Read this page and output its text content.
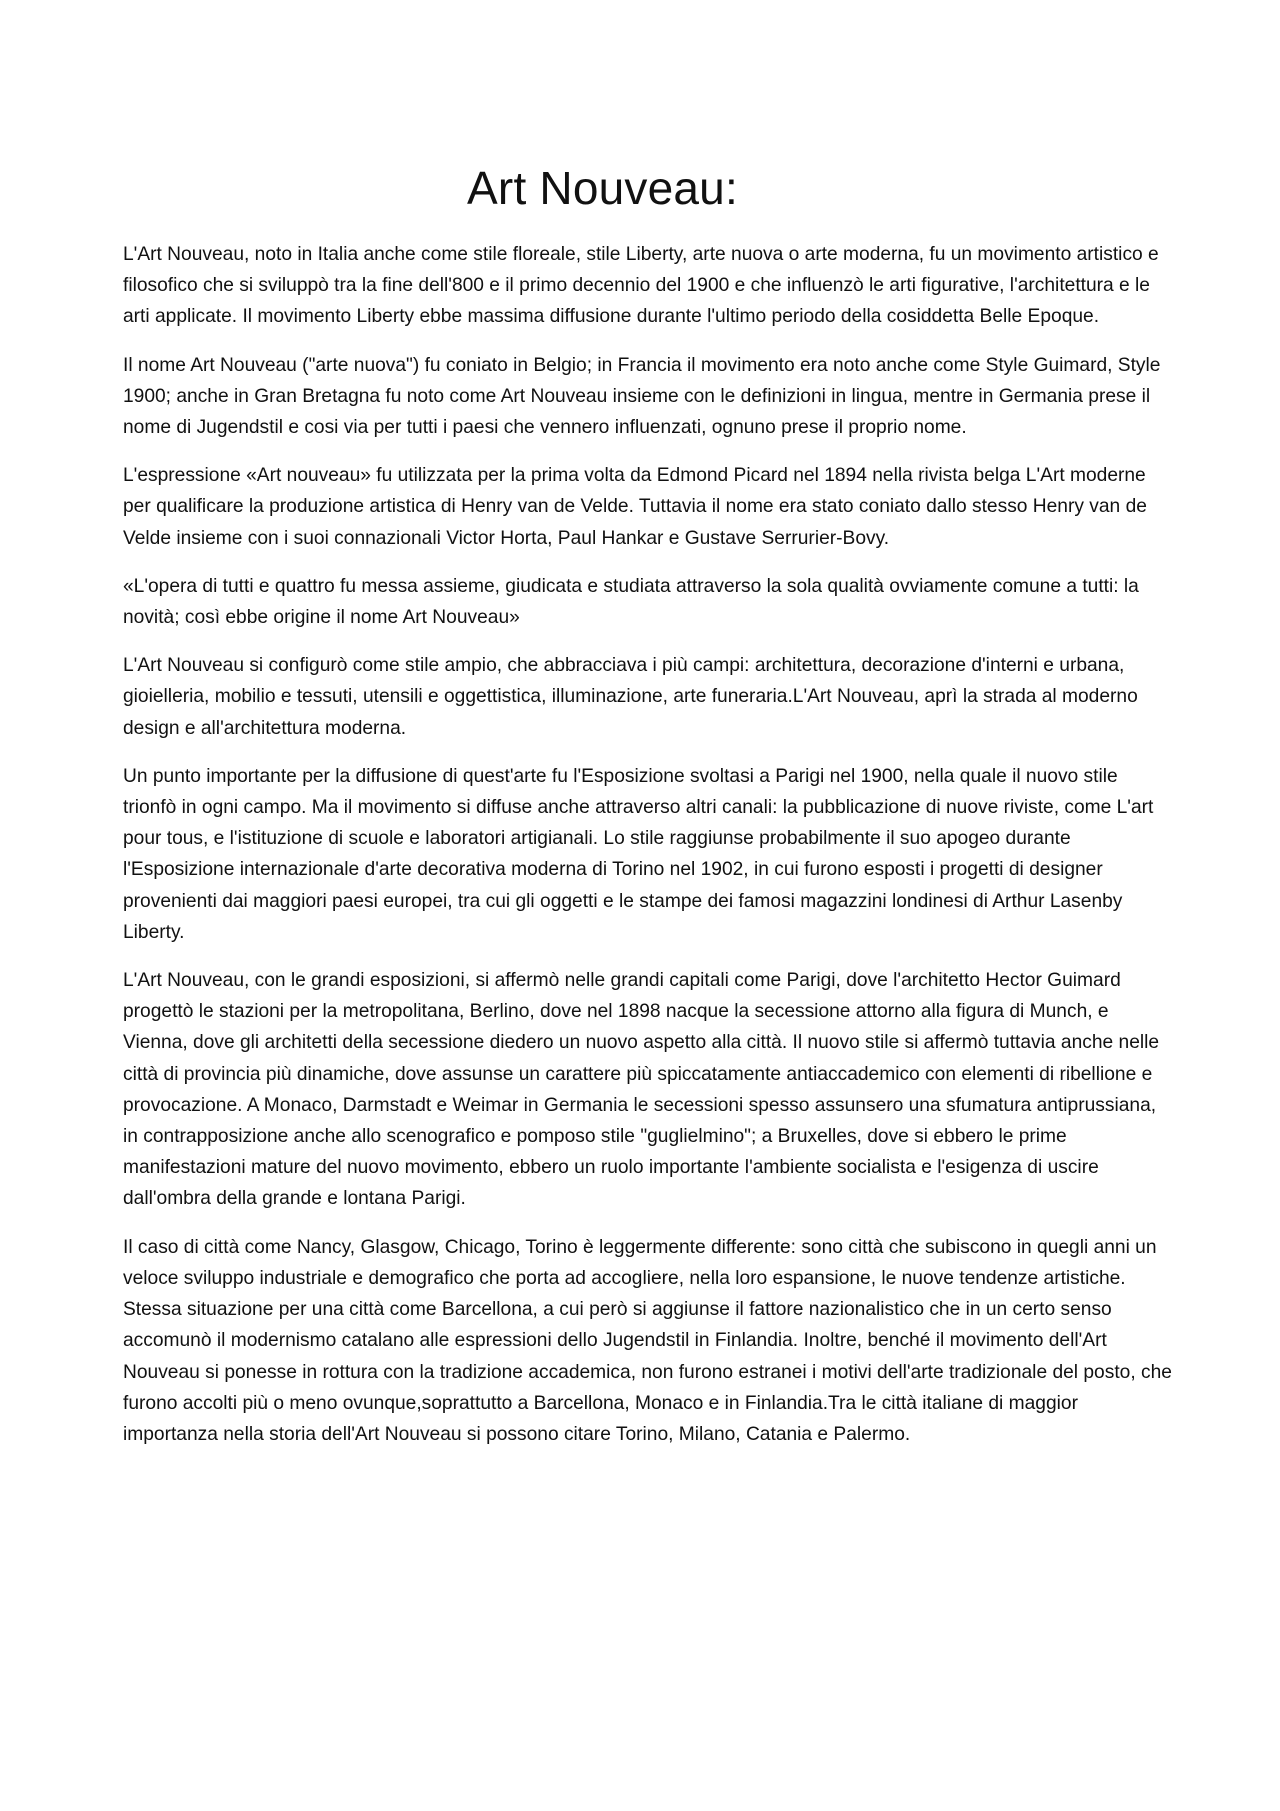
Art Nouveau:

L'Art Nouveau, noto in Italia anche come stile floreale, stile Liberty, arte nuova o arte moderna, fu un movimento artistico e filosofico che si sviluppò tra la fine dell'800 e il primo decennio del 1900 e che influenzò le arti figurative, l'architettura e le arti applicate. Il movimento Liberty ebbe massima diffusione durante l'ultimo periodo della cosiddetta Belle Epoque.

Il nome Art Nouveau ("arte nuova") fu coniato in Belgio; in Francia il movimento era noto anche come Style Guimard, Style 1900; anche in Gran Bretagna fu noto come Art Nouveau insieme con le definizioni in lingua, mentre in Germania prese il nome di Jugendstil e cosi via per tutti i paesi che vennero influenzati, ognuno prese il proprio nome.

L'espressione «Art nouveau» fu utilizzata per la prima volta da Edmond Picard nel 1894 nella rivista belga L'Art moderne per qualificare la produzione artistica di Henry van de Velde. Tuttavia il nome era stato coniato dallo stesso Henry van de Velde insieme con i suoi connazionali Victor Horta, Paul Hankar e Gustave Serrurier-Bovy.

«L'opera di tutti e quattro fu messa assieme, giudicata e studiata attraverso la sola qualità ovviamente comune a tutti: la novità; così ebbe origine il nome Art Nouveau»

L'Art Nouveau si configurò come stile ampio, che abbracciava i più campi: architettura, decorazione d'interni e urbana, gioielleria, mobilio e tessuti, utensili e oggettistica, illuminazione, arte funeraria.L'Art Nouveau, aprì la strada al moderno design e all'architettura moderna.

Un punto importante per la diffusione di quest'arte fu l'Esposizione svoltasi a Parigi nel 1900, nella quale il nuovo stile trionfò in ogni campo. Ma il movimento si diffuse anche attraverso altri canali: la pubblicazione di nuove riviste, come L'art pour tous, e l'istituzione di scuole e laboratori artigianali. Lo stile raggiunse probabilmente il suo apogeo durante l'Esposizione internazionale d'arte decorativa moderna di Torino nel 1902, in cui furono esposti i progetti di designer provenienti dai maggiori paesi europei, tra cui gli oggetti e le stampe dei famosi magazzini londinesi di Arthur Lasenby Liberty.

L'Art Nouveau, con le grandi esposizioni, si affermò nelle grandi capitali come Parigi, dove l'architetto Hector Guimard progettò le stazioni per la metropolitana, Berlino, dove nel 1898 nacque la secessione attorno alla figura di Munch, e Vienna, dove gli architetti della secessione diedero un nuovo aspetto alla città. Il nuovo stile si affermò tuttavia anche nelle città di provincia più dinamiche, dove assunse un carattere più spiccatamente antiaccademico con elementi di ribellione e provocazione. A Monaco, Darmstadt e Weimar in Germania le secessioni spesso assunsero una sfumatura antiprussiana, in contrapposizione anche allo scenografico e pomposo stile "guglielmino"; a Bruxelles, dove si ebbero le prime manifestazioni mature del nuovo movimento, ebbero un ruolo importante l'ambiente socialista e l'esigenza di uscire dall'ombra della grande e lontana Parigi.

Il caso di città come Nancy, Glasgow, Chicago, Torino è leggermente differente: sono città che subiscono in quegli anni un veloce sviluppo industriale e demografico che porta ad accogliere, nella loro espansione, le nuove tendenze artistiche. Stessa situazione per una città come Barcellona, a cui però si aggiunse il fattore nazionalistico che in un certo senso accomunò il modernismo catalano alle espressioni dello Jugendstil in Finlandia. Inoltre, benché il movimento dell'Art Nouveau si ponesse in rottura con la tradizione accademica, non furono estranei i motivi dell'arte tradizionale del posto, che furono accolti più o meno ovunque,soprattutto a Barcellona, Monaco e in Finlandia.Tra le città italiane di maggior importanza nella storia dell'Art Nouveau si possono citare Torino, Milano, Catania e Palermo.
